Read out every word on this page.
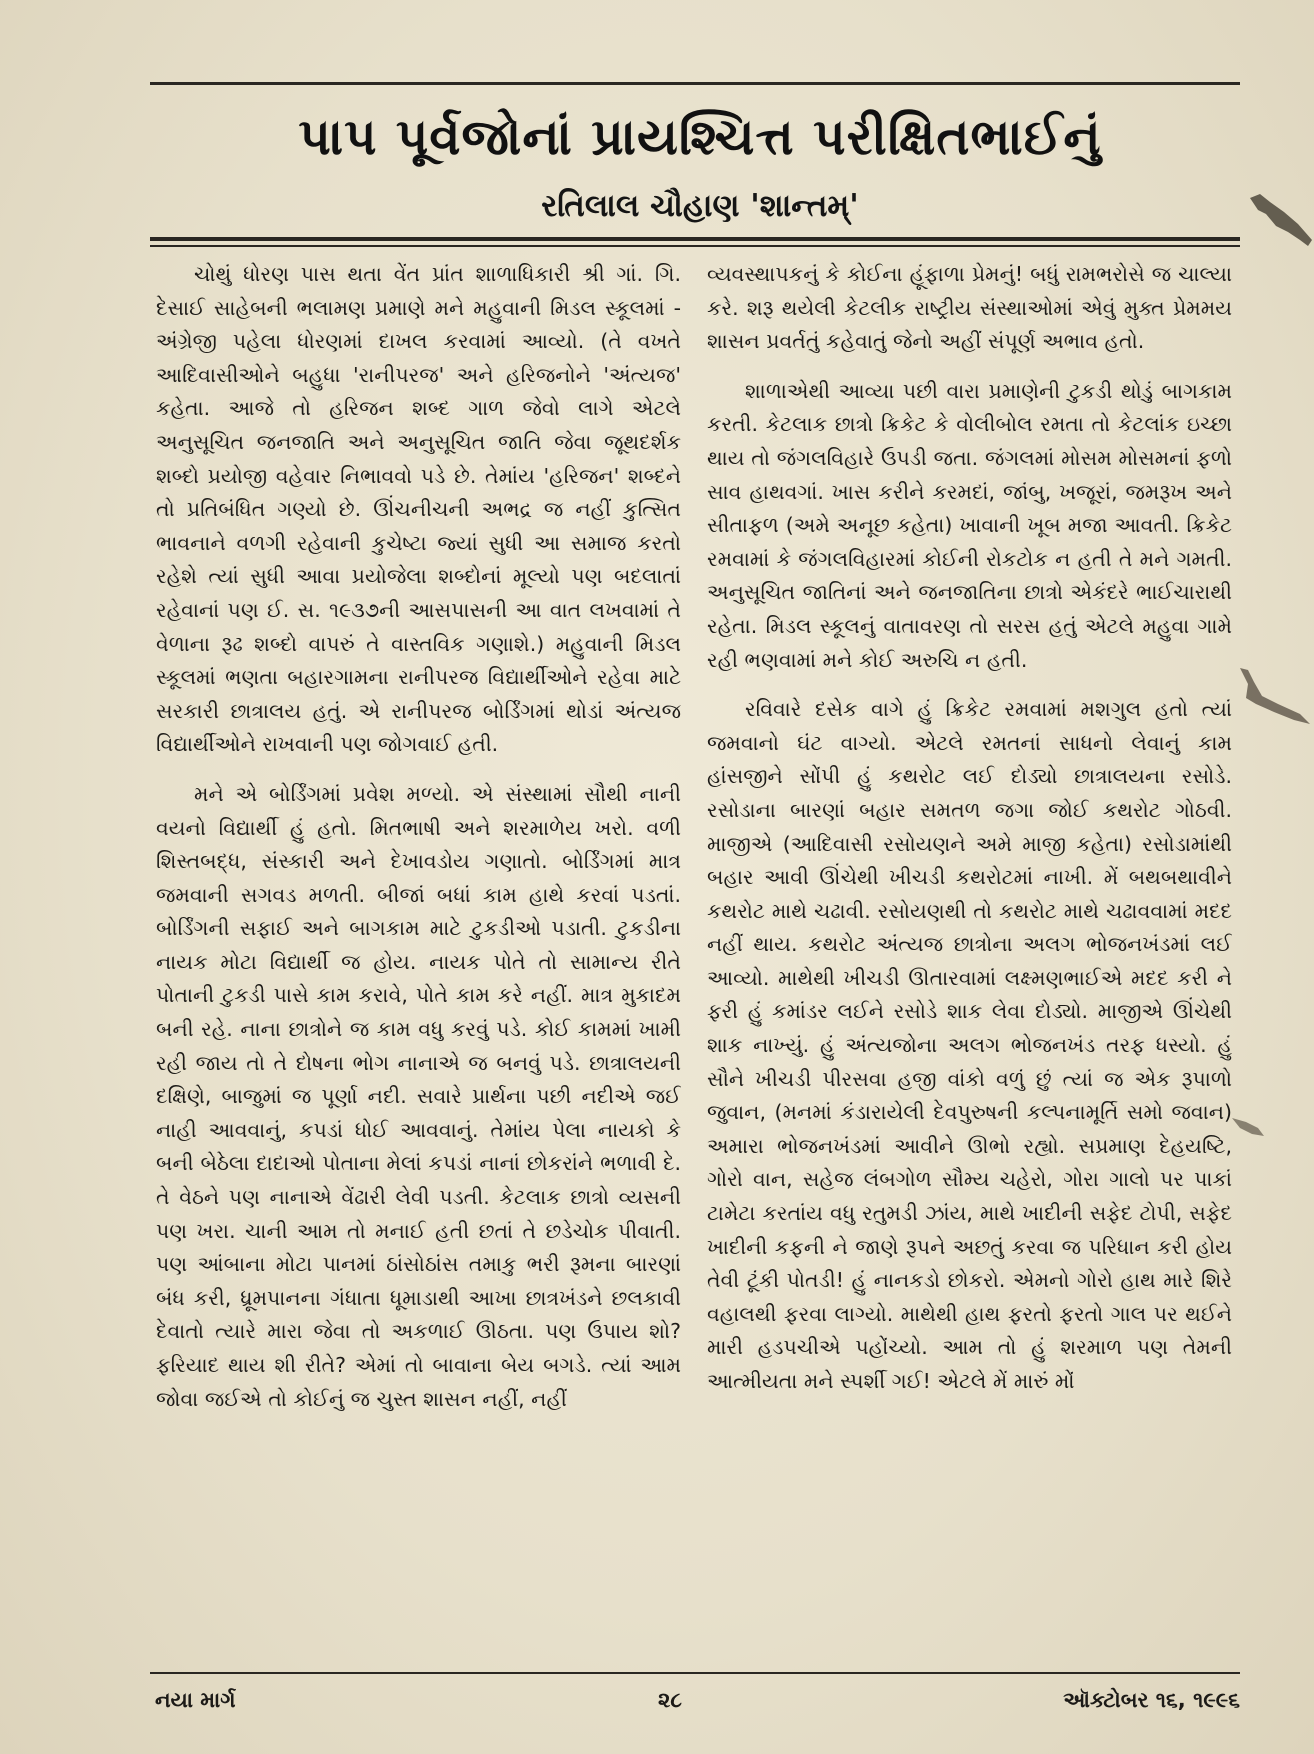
પાપ પૂર્વજોનાં પ્રાયશ્ચિત્ત પરીક્ષિતભાઈનું
રતિલાલ ચૌહાણ 'શાન્તમ્'

ચોથું ધોરણ પાસ થતા વેંત પ્રાંત શાળાધિકારી શ્રી ગાં. ગિ. દેસાઈ સાહેબની ભલામણ પ્રમાણે મને મહુવાની મિડલ સ્કૂલમાં - અંગ્રેજી પહેલા ધોરણમાં દાખલ કરવામાં આવ્યો. (તે વખતે આદિવાસીઓને બહુધા 'રાનીપરજ' અને હરિજનોને 'અંત્યજ' કહેતા. આજે તો હરિજન શબ્દ ગાળ જેવો લાગે એટલે અનુસૂચિત જનજાતિ અને અનુસૂચિત જાતિ જેવા જૂથદર્શક શબ્દો પ્રયોજી વહેવાર નિભાવવો પડે છે. તેમાંય 'હરિજન' શબ્દને તો પ્રતિબંધિત ગણ્યો છે. ઊંચનીચની અભદ્ર જ નહીં કુત્સિત ભાવનાને વળગી રહેવાની કુચેષ્ટા જ્યાં સુધી આ સમાજ કરતો રહેશે ત્યાં સુધી આવા પ્રયોજેલા શબ્દોનાં મૂલ્યો પણ બદલાતાં રહેવાનાં પણ ઈ. સ. ૧૯૩૭ની આસપાસની આ વાત લખવામાં તે વેળાના રૂઢ શબ્દો વાપરું તે વાસ્તવિક ગણાશે.) મહુવાની મિડલ સ્કૂલમાં ભણતા બહારગામના રાનીપરજ વિદ્યાર્થીઓને રહેવા માટે સરકારી છાત્રાલય હતું. એ રાનીપરજ બોર્ડિંગમાં થોડાં અંત્યજ વિદ્યાર્થીઓને રાખવાની પણ જોગવાઈ હતી.

મને એ બોર્ડિંગમાં પ્રવેશ મળ્યો. એ સંસ્થામાં સૌથી નાની વયનો વિદ્યાર્થી હું હતો. મિતભાષી અને શરમાળેય ખરો. વળી શિસ્તબદ્ધ, સંસ્કારી અને દેખાવડોય ગણાતો. બોર્ડિંગમાં માત્ર જમવાની સગવડ મળતી. બીજાં બધાં કામ હાથે કરવાં પડતાં. બોર્ડિંગની સફાઈ અને બાગકામ માટે ટુકડીઓ પડાતી. ટુકડીના નાયક મોટા વિદ્યાર્થી જ હોય. નાયક પોતે તો સામાન્ય રીતે પોતાની ટુકડી પાસે કામ કરાવે, પોતે કામ કરે નહીં. માત્ર મુકાદમ બની રહે. નાના છાત્રોને જ કામ વધુ કરવું પડે. કોઈ કામમાં ખામી રહી જાય તો તે દોષના ભોગ નાનાએ જ બનવું પડે. છાત્રાલયની દક્ષિણે, બાજુમાં જ પૂર્ણા નદી. સવારે પ્રાર્થના પછી નદીએ જઈ નાહી આવવાનું, કપડાં ધોઈ આવવાનું. તેમાંય પેલા નાયકો કે બની બેઠેલા દાદાઓ પોતાના મેલાં કપડાં નાનાં છોકરાંને ભળાવી દે. તે વેઠને પણ નાનાએ વેંઢારી લેવી પડતી. કેટલાક છાત્રો વ્યસની પણ ખરા. ચાની આમ તો મનાઈ હતી છતાં તે છડેચોક પીવાતી. પણ આંબાના મોટા પાનમાં ઠાંસોઠાંસ તમાકુ ભરી રૂમના બારણાં બંધ કરી, ધ્રૂમપાનના ગંધાતા ધૂમાડાથી આખા છાત્રખંડને છલકાવી દેવાતો ત્યારે મારા જેવા તો અકળાઈ ઊઠતા. પણ ઉપાય શો? ફરિયાદ થાય શી રીતે? એમાં તો બાવાના બેય બગડે. ત્યાં આમ જોવા જઈએ તો કોઈનું જ ચુસ્ત શાસન નહીં, નહીં

વ્યવસ્થાપકનું કે કોઈના હૂંફાળા પ્રેમનું! બધું રામભરોસે જ ચાલ્યા કરે. શરૂ થયેલી કેટલીક રાષ્ટ્રીય સંસ્થાઓમાં એવું મુક્ત પ્રેમમય શાસન પ્રવર્તતું કહેવાતું જેનો અહીં સંપૂર્ણ અભાવ હતો.

શાળાએથી આવ્યા પછી વારા પ્રમાણેની ટુકડી થોડું બાગકામ કરતી. કેટલાક છાત્રો ક્રિકેટ કે વોલીબોલ રમતા તો કેટલાંક ઇચ્છા થાય તો જંગલવિહારે ઉપડી જતા. જંગલમાં મોસમ મોસમનાં ફળો સાવ હાથવગાં. ખાસ કરીને કરમદાં, જાંબુ, ખજૂરાં, જમરૂખ અને સીતાફળ (અમે અનૂછ કહેતા) ખાવાની ખૂબ મજા આવતી. ક્રિકેટ રમવામાં કે જંગલવિહારમાં કોઈની રોકટોક ન હતી તે મને ગમતી. અનુસૂચિત જાતિનાં અને જનજાતિના છાત્રો એકંદરે ભાઈચારાથી રહેતા. મિડલ સ્કૂલનું વાતાવરણ તો સરસ હતું એટલે મહુવા ગામે રહી ભણવામાં મને કોઈ અરુચિ ન હતી.

રવિવારે દસેક વાગે હું ક્રિકેટ રમવામાં મશગુલ હતો ત્યાં જમવાનો ઘંટ વાગ્યો. એટલે રમતનાં સાધનો લેવાનું કામ હાંસજીને સોંપી હું કથરોટ લઈ દોડ્યો છાત્રાલયના રસોડે. રસોડાના બારણાં બહાર સમતળ જગા જોઈ કથરોટ ગોઠવી. માજીએ (આદિવાસી રસોયણને અમે માજી કહેતા) રસોડામાંથી બહાર આવી ઊંચેથી ખીચડી કથરોટમાં નાખી. મેં બથબથાવીને કથરોટ માથે ચઢાવી. રસોયણથી તો કથરોટ માથે ચઢાવવામાં મદદ નહીં થાય. કથરોટ અંત્યજ છાત્રોના અલગ ભોજનખંડમાં લઈ આવ્યો. માથેથી ખીચડી ઊતારવામાં લક્ષ્મણભાઈએ મદદ કરી ને ફરી હું કમાંડર લઈને રસોડે શાક લેવા દોડ્યો. માજીએ ઊંચેથી શાક નાખ્યું. હું અંત્યજોના અલગ ભોજનખંડ તરફ ધસ્યો. હું સૌને ખીચડી પીરસવા હજી વાંકો વળું છું ત્યાં જ એક રૂપાળો જુવાન, (મનમાં કંડારાયેલી દેવપુરુષની કલ્પનામૂર્તિ સમો જવાન) અમારા ભોજનખંડમાં આવીને ઊભો રહ્યો. સપ્રમાણ દેહયષ્ટિ, ગોરો વાન, સહેજ લંબગોળ સૌમ્ય ચહેરો, ગોરા ગાલો પર પાકાં ટામેટા કરતાંય વધુ રતુમડી ઝાંય, માથે ખાદીની સફેદ ટોપી, સફેદ ખાદીની કફની ને જાણે રૂપને અછતું કરવા જ પરિધાન કરી હોય તેવી ટૂંકી પોતડી! હું નાનકડો છોકરો. એમનો ગોરો હાથ મારે શિરે વહાલથી ફરવા લાગ્યો. માથેથી હાથ ફરતો ફરતો ગાલ પર થઈને મારી હડપચીએ પહોંચ્યો. આમ તો હું શરમાળ પણ તેમની આત્મીયતા મને સ્પર્શી ગઈ! એટલે મેં મારું મોં

નયા માર્ગ	૨૮	ઑક્ટોબર ૧૬, ૧૯૯૬
